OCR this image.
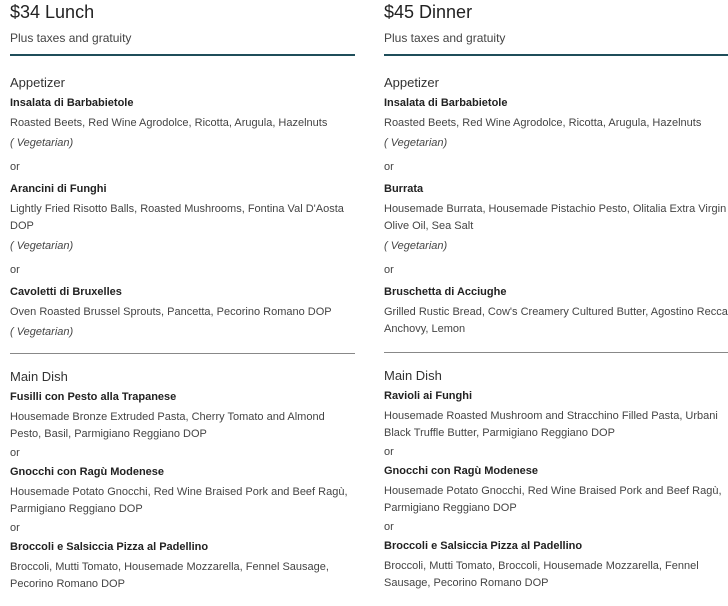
$34 Lunch
Plus taxes and gratuity
Appetizer
Insalata di Barbabietole
Roasted Beets, Red Wine Agrodolce, Ricotta, Arugula, Hazelnuts
( Vegetarian)
or
Arancini di Funghi
Lightly Fried Risotto Balls, Roasted Mushrooms, Fontina Val D'Aosta DOP
( Vegetarian)
or
Cavoletti di Bruxelles
Oven Roasted Brussel Sprouts, Pancetta, Pecorino Romano DOP
( Vegetarian)
Main Dish
Fusilli con Pesto alla Trapanese
Housemade Bronze Extruded Pasta, Cherry Tomato and Almond Pesto, Basil, Parmigiano Reggiano DOP
or
Gnocchi con Ragù Modenese
Housemade Potato Gnocchi, Red Wine Braised Pork and Beef Ragù, Parmigiano Reggiano DOP
or
Broccoli e Salsiccia Pizza al Padellino
Broccoli, Mutti Tomato, Housemade Mozzarella, Fennel Sausage, Pecorino Romano DOP
$45 Dinner
Plus taxes and gratuity
Appetizer
Insalata di Barbabietole
Roasted Beets, Red Wine Agrodolce, Ricotta, Arugula, Hazelnuts
( Vegetarian)
or
Burrata
Housemade Burrata, Housemade Pistachio Pesto, Olitalia Extra Virgin Olive Oil, Sea Salt
( Vegetarian)
or
Bruschetta di Acciughe
Grilled Rustic Bread, Cow's Creamery Cultured Butter, Agostino Recca Anchovy, Lemon
Main Dish
Ravioli ai Funghi
Housemade Roasted Mushroom and Stracchino Filled Pasta, Urbani Black Truffle Butter, Parmigiano Reggiano DOP
or
Gnocchi con Ragù Modenese
Housemade Potato Gnocchi, Red Wine Braised Pork and Beef Ragù, Parmigiano Reggiano DOP
or
Broccoli e Salsiccia Pizza al Padellino
Broccoli, Mutti Tomato, Broccoli, Housemade Mozzarella, Fennel Sausage, Pecorino Romano DOP
